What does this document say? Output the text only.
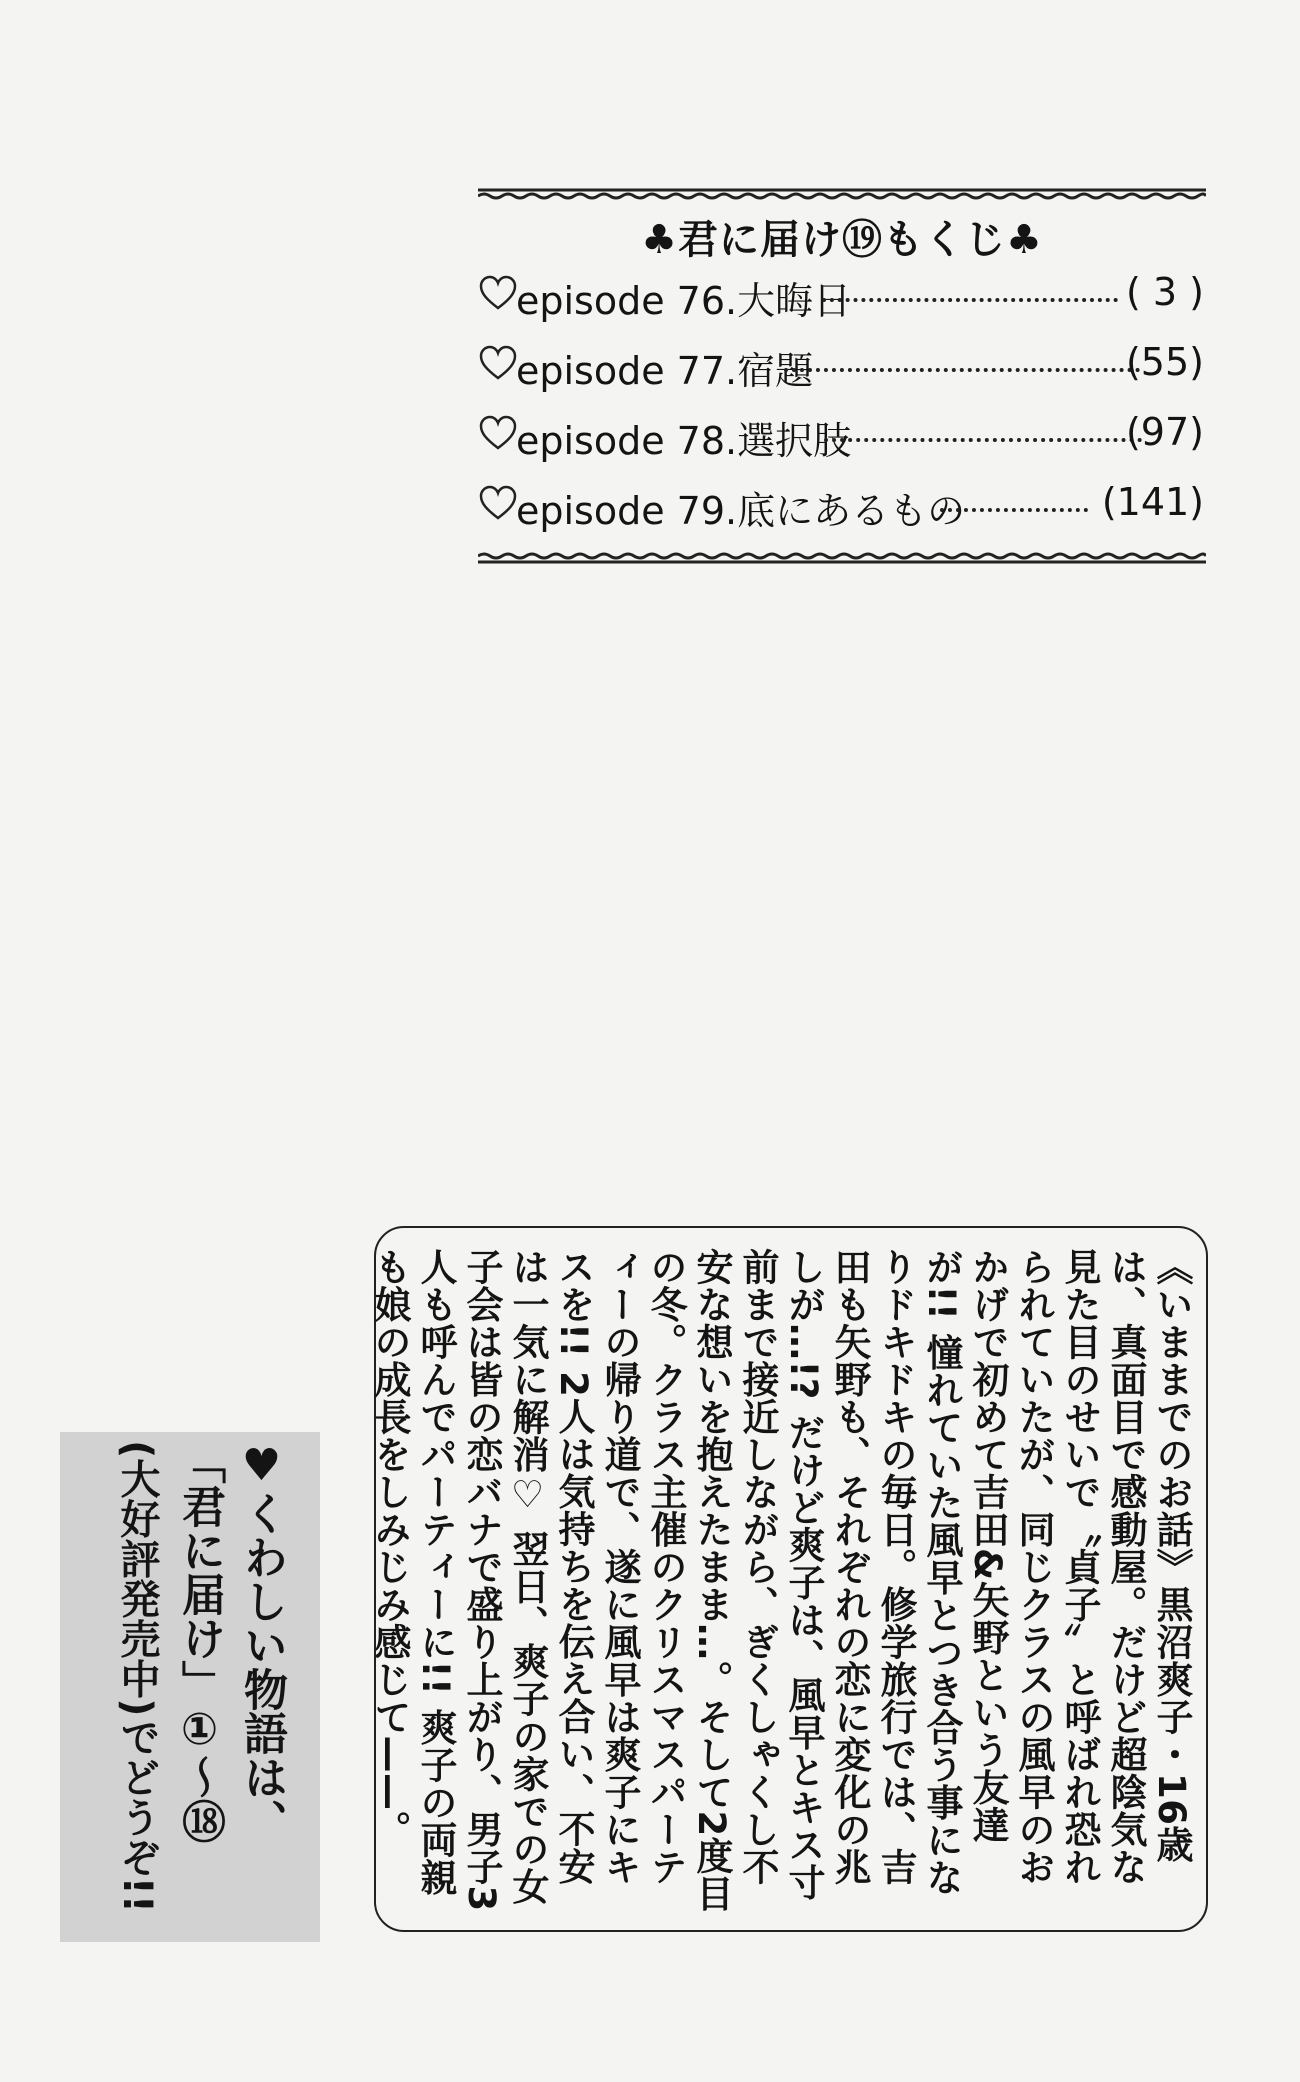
♣君に届け⑲もくじ♣
episode 76.大晦日	( 3 )
episode 77.宿題	(55)
episode 78.選択肢	(97)
episode 79.底にあるもの	(141)
《いままでのお話》黒沼爽子・16歳は、真面目で感動屋。だけど超陰気な見た目のせいで〝貞子〟と呼ばれ恐れられていたが、同じクラスの風早のおかげで初めて吉田&矢野という友達が!! 憧れていた風早とつき合う事になりドキドキの毎日。修学旅行では、吉田も矢野も、それぞれの恋に変化の兆しが…!? だけど爽子は、風早とキス寸前まで接近しながら、ぎくしゃくし不安な想いを抱えたまま…。そして2度目の冬。クラス主催のクリスマスパーティーの帰り道で、遂に風早は爽子にキスを!! 2人は気持ちを伝え合い、不安は一気に解消♡ 翌日、爽子の家での女子会は皆の恋バナで盛り上がり、男子3人も呼んでパーティーに!! 爽子の両親も娘の成長をしみじみ感じて——。
♥くわしい物語は、
「君に届け」①～⑱
(大好評発売中)でどうぞ!!
